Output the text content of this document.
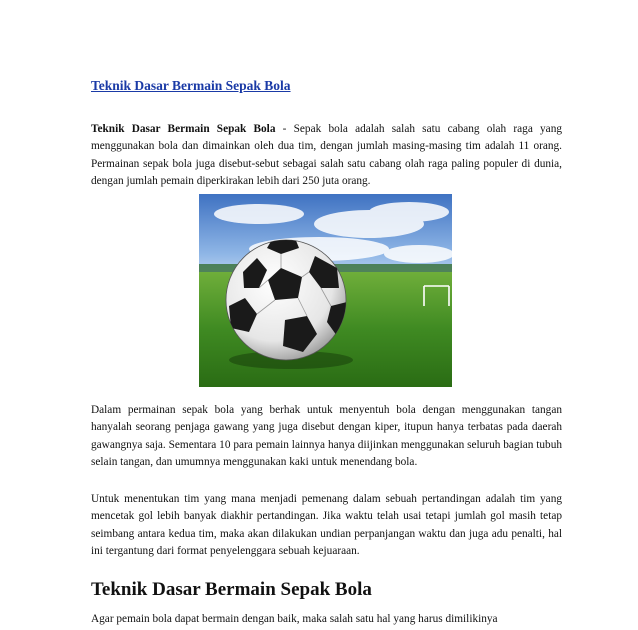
Teknik Dasar Bermain Sepak Bola

Teknik Dasar Bermain Sepak Bola - Sepak bola adalah salah satu cabang olah raga yang menggunakan bola dan dimainkan oleh dua tim, dengan jumlah masing-masing tim adalah 11 orang. Permainan sepak bola juga disebut-sebut sebagai salah satu cabang olah raga paling populer di dunia, dengan jumlah pemain diperkirakan lebih dari 250 juta orang.

Dalam permainan sepak bola yang berhak untuk menyentuh bola dengan menggunakan tangan hanyalah seorang penjaga gawang yang juga disebut dengan kiper, itupun hanya terbatas pada daerah gawangnya saja. Sementara 10 para pemain lainnya hanya diijinkan menggunakan seluruh bagian tubuh selain tangan, dan umumnya menggunakan kaki untuk menendang bola.

Untuk menentukan tim yang mana menjadi pemenang dalam sebuah pertandingan adalah tim yang mencetak gol lebih banyak diakhir pertandingan. Jika waktu telah usai tetapi jumlah gol masih tetap seimbang antara kedua tim, maka akan dilakukan undian perpanjangan waktu dan juga adu penalti, hal ini tergantung dari format penyelenggara sebuah kejuaraan.

Teknik Dasar Bermain Sepak Bola

Agar pemain bola dapat bermain dengan baik, maka salah satu hal yang harus dimilikinya
